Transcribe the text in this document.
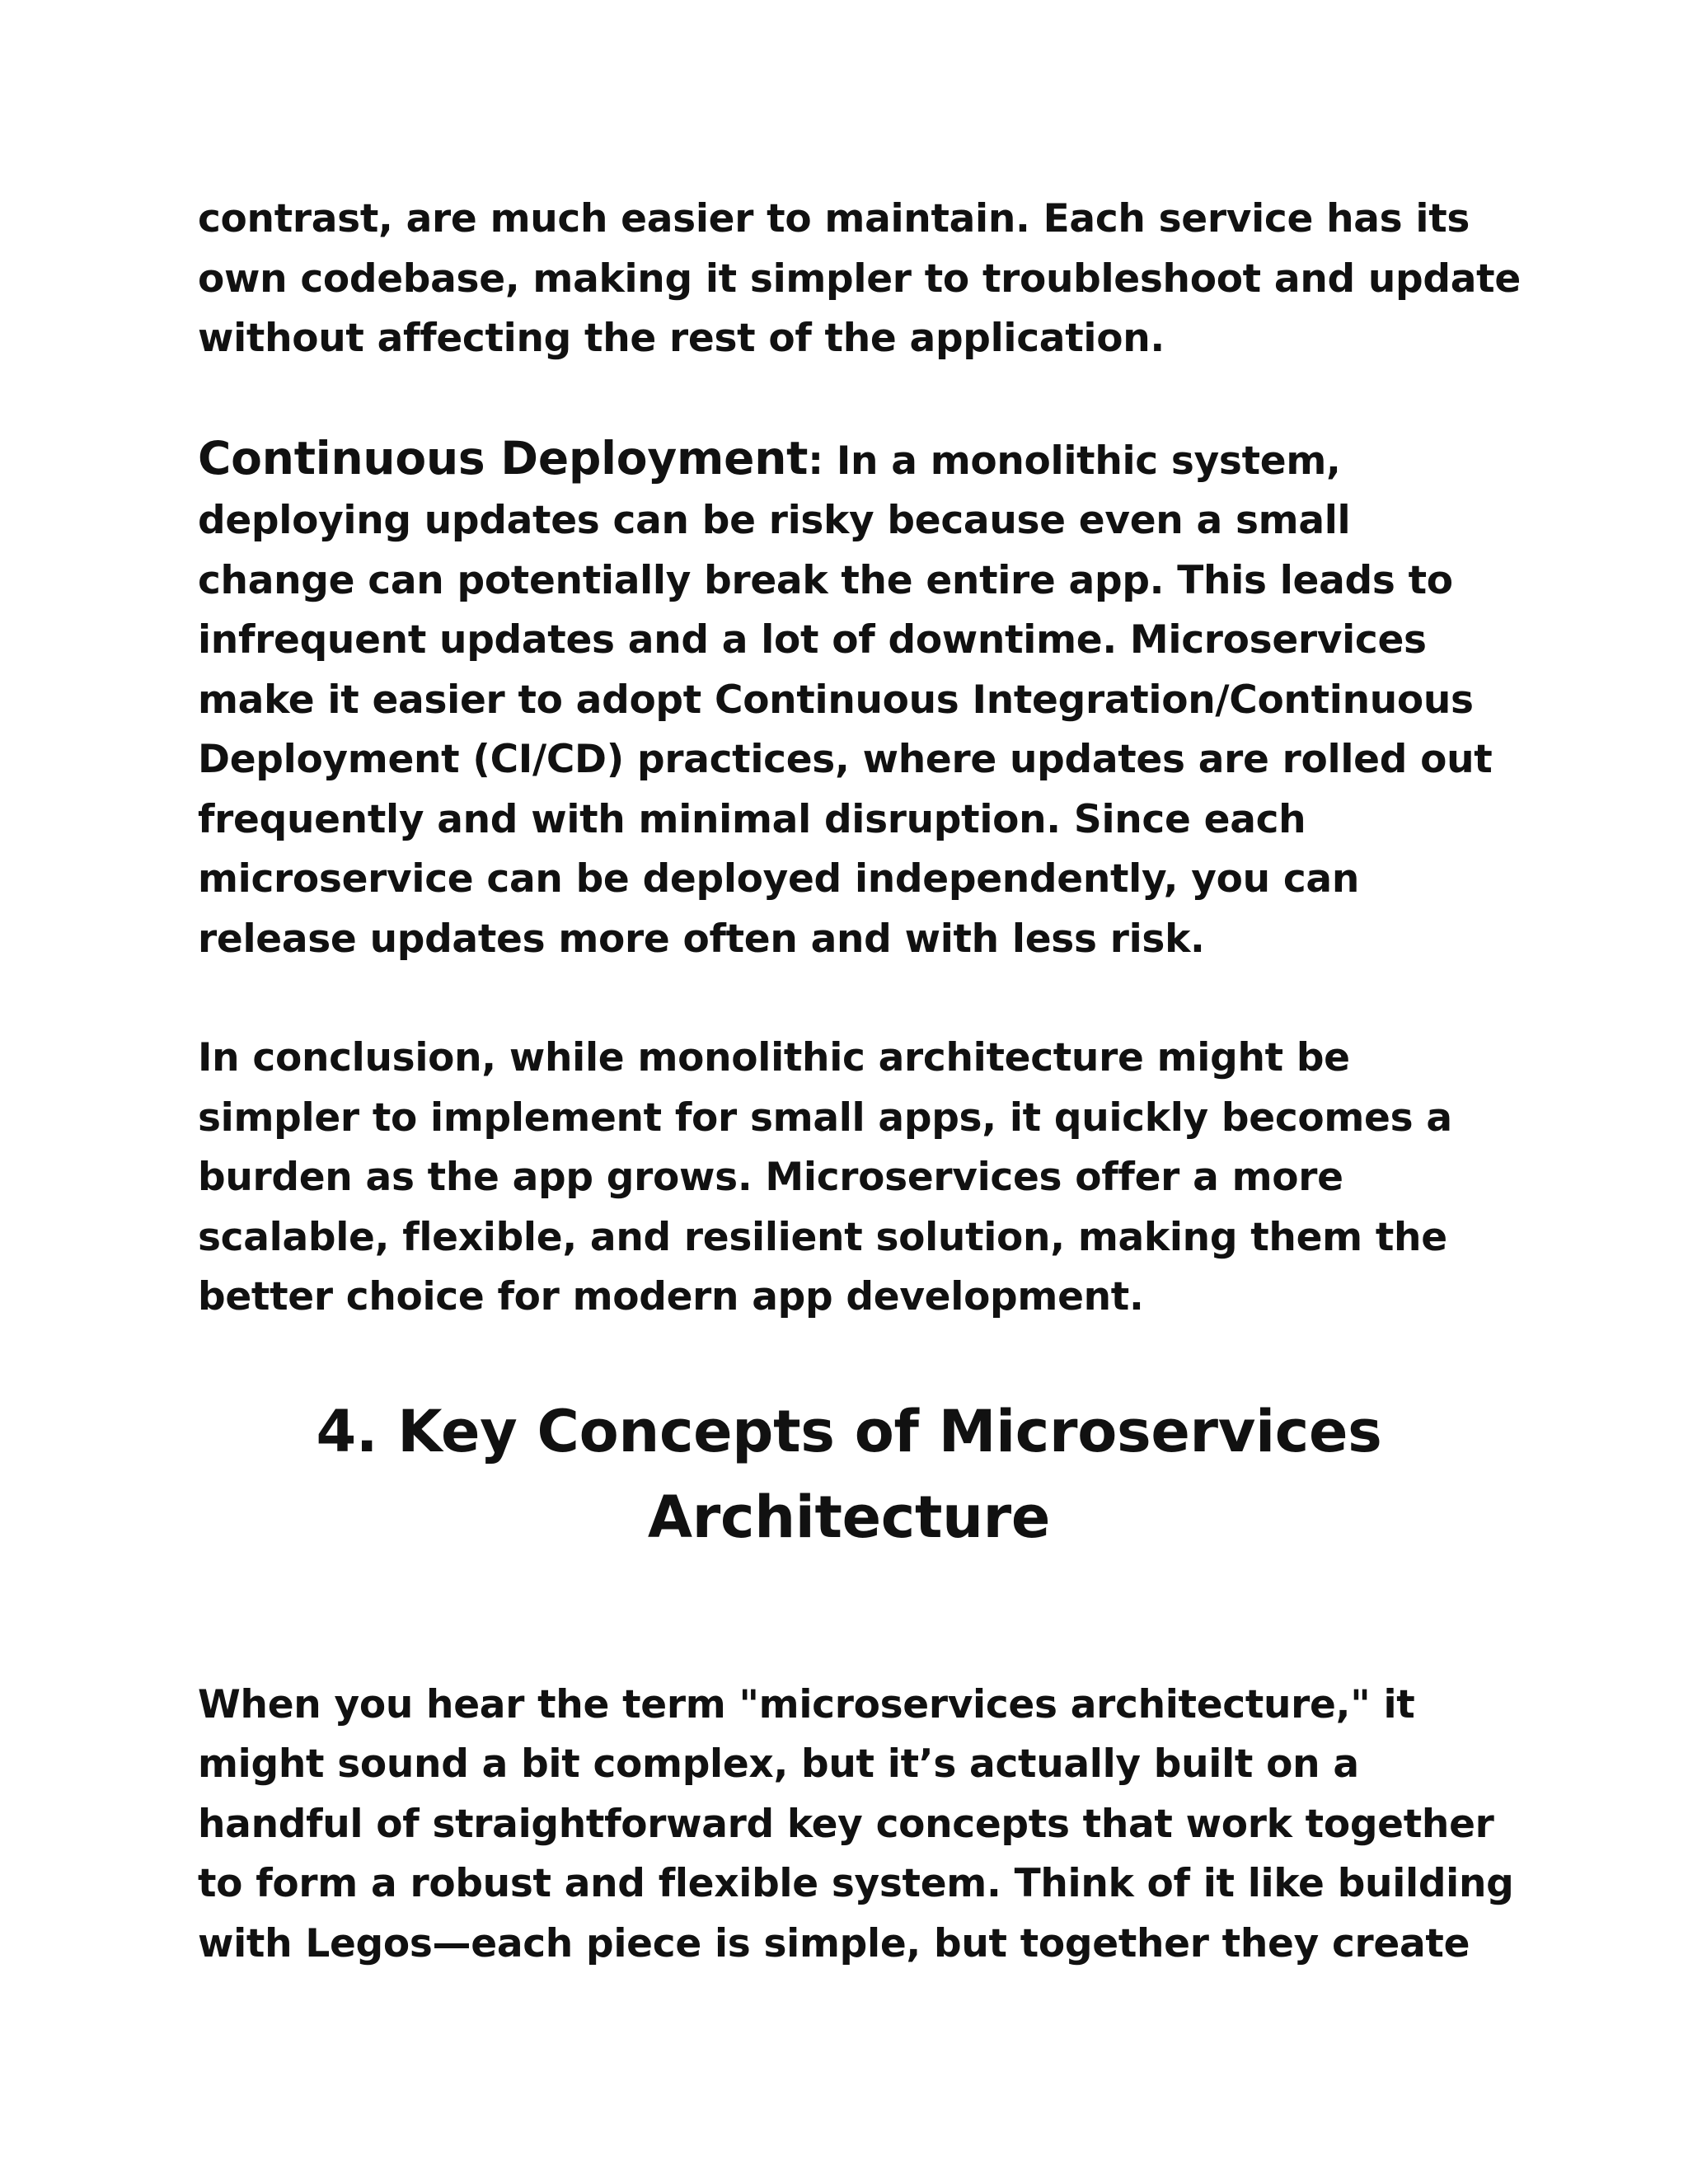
contrast, are much easier to maintain. Each service has its
own codebase, making it simpler to troubleshoot and update
without affecting the rest of the application.

Continuous Deployment: In a monolithic system,
deploying updates can be risky because even a small
change can potentially break the entire app. This leads to
infrequent updates and a lot of downtime. Microservices
make it easier to adopt Continuous Integration/Continuous
Deployment (CI/CD) practices, where updates are rolled out
frequently and with minimal disruption. Since each
microservice can be deployed independently, you can
release updates more often and with less risk.

In conclusion, while monolithic architecture might be
simpler to implement for small apps, it quickly becomes a
burden as the app grows. Microservices offer a more
scalable, flexible, and resilient solution, making them the
better choice for modern app development.

4. Key Concepts of Microservices
Architecture

When you hear the term "microservices architecture," it
might sound a bit complex, but it’s actually built on a
handful of straightforward key concepts that work together
to form a robust and flexible system. Think of it like building
with Legos—each piece is simple, but together they create
